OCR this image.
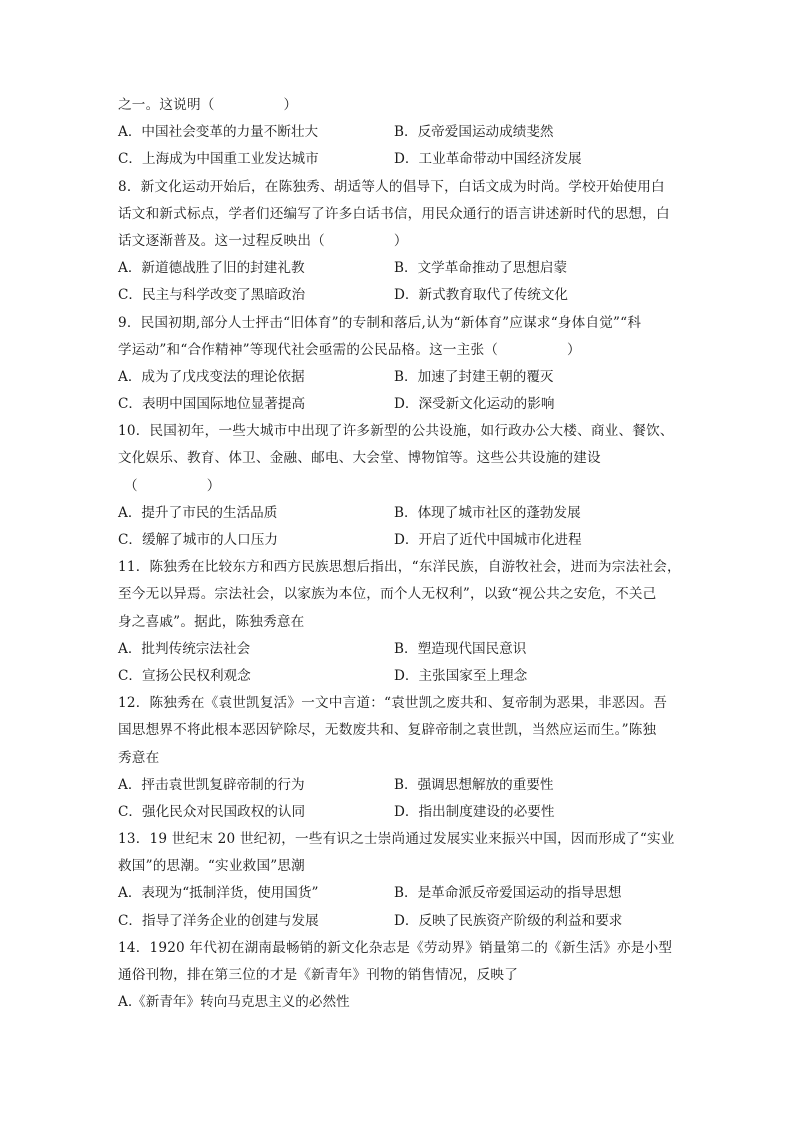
之一。这说明（　　　　　）
A．中国社会变革的力量不断壮大	B．反帝爱国运动成绩斐然
C．上海成为中国重工业发达城市	D．工业革命带动中国经济发展
8．新文化运动开始后，在陈独秀、胡适等人的倡导下，白话文成为时尚。学校开始使用白
话文和新式标点，学者们还编写了许多白话书信，用民众通行的语言讲述新时代的思想，白
话文逐渐普及。这一过程反映出（　　　　　）
A．新道德战胜了旧的封建礼教	B．文学革命推动了思想启蒙
C．民主与科学改变了黑暗政治	D．新式教育取代了传统文化
9．民国初期,部分人士抨击“旧体育”的专制和落后,认为“新体育”应谋求“身体自觉”“科
学运动”和“合作精神”等现代社会亟需的公民品格。这一主张（　　　　　）
A．成为了戊戌变法的理论依据	B．加速了封建王朝的覆灭
C．表明中国国际地位显著提高	D．深受新文化运动的影响
10．民国初年，一些大城市中出现了许多新型的公共设施，如行政办公大楼、商业、餐饮、
文化娱乐、教育、体卫、金融、邮电、大会堂、博物馆等。这些公共设施的建设
（　　　　　）
A．提升了市民的生活品质	B．体现了城市社区的蓬勃发展
C．缓解了城市的人口压力	D．开启了近代中国城市化进程
11．陈独秀在比较东方和西方民族思想后指出，“东洋民族，自游牧社会，进而为宗法社会，
至今无以异焉。宗法社会，以家族为本位，而个人无权利”，以致“视公共之安危，不关己
身之喜戚”。据此，陈独秀意在
A．批判传统宗法社会	B．塑造现代国民意识
C．宣扬公民权利观念	D．主张国家至上理念
12．陈独秀在《袁世凯复活》一文中言道：“袁世凯之废共和、复帝制为恶果，非恶因。吾
国思想界不将此根本恶因铲除尽，无数废共和、复辟帝制之袁世凯，当然应运而生。”陈独
秀意在
A．抨击袁世凯复辟帝制的行为	B．强调思想解放的重要性
C．强化民众对民国政权的认同	D．指出制度建设的必要性
13．19 世纪末 20 世纪初，一些有识之士崇尚通过发展实业来振兴中国，因而形成了“实业
救国”的思潮。“实业救国”思潮
A．表现为“抵制洋货，使用国货”	B．是革命派反帝爱国运动的指导思想
C．指导了洋务企业的创建与发展	D．反映了民族资产阶级的利益和要求
14．1920 年代初在湖南最畅销的新文化杂志是《劳动界》销量第二的《新生活》亦是小型
通俗刊物，排在第三位的才是《新青年》刊物的销售情况，反映了
A.《新青年》转向马克思主义的必然性
